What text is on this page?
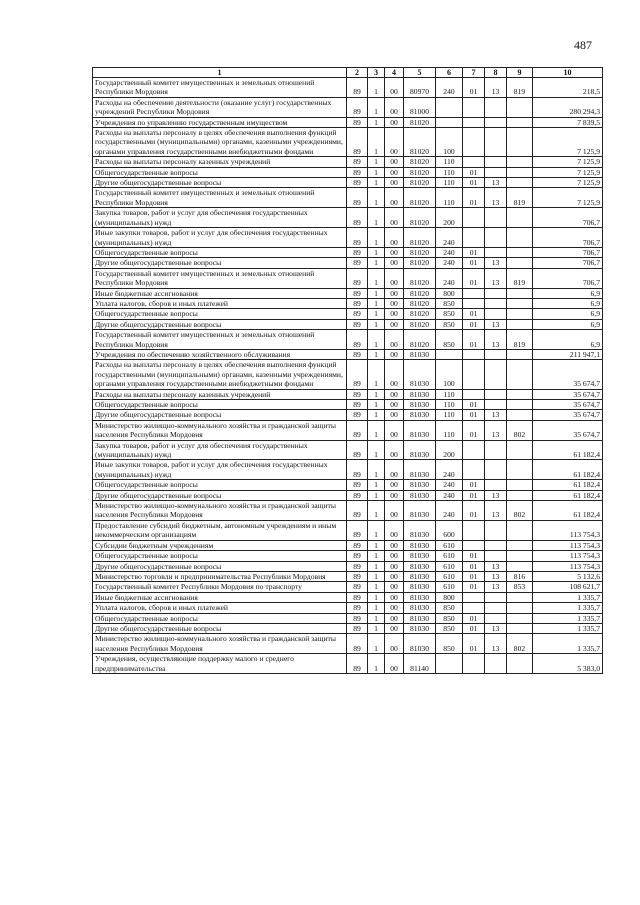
487
1	2	3	4	5	6	7	8	9	10
Государственный комитет имущественных и земельных отношений Республики Мордовия	89	1	00	80970	240	01	13	819	218,5
Расходы на обеспечение деятельности (оказание услуг) государственных учреждений Республики Мордовия	89	1	00	81000					280 294,3
Учреждения по управлению государственным имуществом	89	1	00	81020					7 839,5
Расходы на выплаты персоналу в целях обеспечения выполнения функций государственными (муниципальными) органами, казенными учреждениями, органами управления государственными внебюджетными фондами	89	1	00	81020	100				7 125,9
Расходы на выплаты персоналу казенных учреждений	89	1	00	81020	110				7 125,9
Общегосударственные вопросы	89	1	00	81020	110	01			7 125,9
Другие общегосударственные вопросы	89	1	00	81020	110	01	13		7 125,9
Государственный комитет имущественных и земельных отношений Республики Мордовия	89	1	00	81020	110	01	13	819	7 125,9
Закупка товаров, работ и услуг для обеспечения государственных (муниципальных) нужд	89	1	00	81020	200				706,7
Иные закупки товаров, работ и услуг для обеспечения государственных (муниципальных) нужд	89	1	00	81020	240				706,7
Общегосударственные вопросы	89	1	00	81020	240	01			706,7
Другие общегосударственные вопросы	89	1	00	81020	240	01	13		706,7
Государственный комитет имущественных и земельных отношений Республики Мордовия	89	1	00	81020	240	01	13	819	706,7
Иные бюджетные ассигнования	89	1	00	81020	800				6,9
Уплата налогов, сборов и иных платежей	89	1	00	81020	850				6,9
Общегосударственные вопросы	89	1	00	81020	850	01			6,9
Другие общегосударственные вопросы	89	1	00	81020	850	01	13		6,9
Государственный комитет имущественных и земельных отношений Республики Мордовия	89	1	00	81020	850	01	13	819	6,9
Учреждения по обеспечению хозяйственного обслуживания	89	1	00	81030					211 947,1
Расходы на выплаты персоналу в целях обеспечения выполнения функций государственными (муниципальными) органами, казенными учреждениями, органами управления государственными внебюджетными фондами	89	1	00	81030	100				35 674,7
Расходы на выплаты персоналу казенных учреждений	89	1	00	81030	110				35 674,7
Общегосударственные вопросы	89	1	00	81030	110	01			35 674,7
Другие общегосударственные вопросы	89	1	00	81030	110	01	13		35 674,7
Министерство жилищно-коммунального хозяйства и гражданской защиты населения Республики Мордовия	89	1	00	81030	110	01	13	802	35 674,7
Закупка товаров, работ и услуг для обеспечения государственных (муниципальных) нужд	89	1	00	81030	200				61 182,4
Иные закупки товаров, работ и услуг для обеспечения государственных (муниципальных) нужд	89	1	00	81030	240				61 182,4
Общегосударственные вопросы	89	1	00	81030	240	01			61 182,4
Другие общегосударственные вопросы	89	1	00	81030	240	01	13		61 182,4
Министерство жилищно-коммунального хозяйства и гражданской защиты населения Республики Мордовия	89	1	00	81030	240	01	13	802	61 182,4
Предоставление субсидий бюджетным, автономным учреждениям и иным некоммерческим организациям	89	1	00	81030	600				113 754,3
Субсидии бюджетным учреждениям	89	1	00	81030	610				113 754,3
Общегосударственные вопросы	89	1	00	81030	610	01			113 754,3
Другие общегосударственные вопросы	89	1	00	81030	610	01	13		113 754,3
Министерство торговли и предпринимательства Республики Мордовия	89	1	00	81030	610	01	13	816	5 132,6
Государственный комитет Республики Мордовия по транспорту	89	1	00	81030	610	01	13	853	108 621,7
Иные бюджетные ассигнования	89	1	00	81030	800				1 335,7
Уплата налогов, сборов и иных платежей	89	1	00	81030	850				1 335,7
Общегосударственные вопросы	89	1	00	81030	850	01			1 335,7
Другие общегосударственные вопросы	89	1	00	81030	850	01	13		1 335,7
Министерство жилищно-коммунального хозяйства и гражданской защиты населения Республики Мордовия	89	1	00	81030	850	01	13	802	1 335,7
Учреждения, осуществляющие поддержку малого и среднего предпринимательства	89	1	00	81140					5 383,0
